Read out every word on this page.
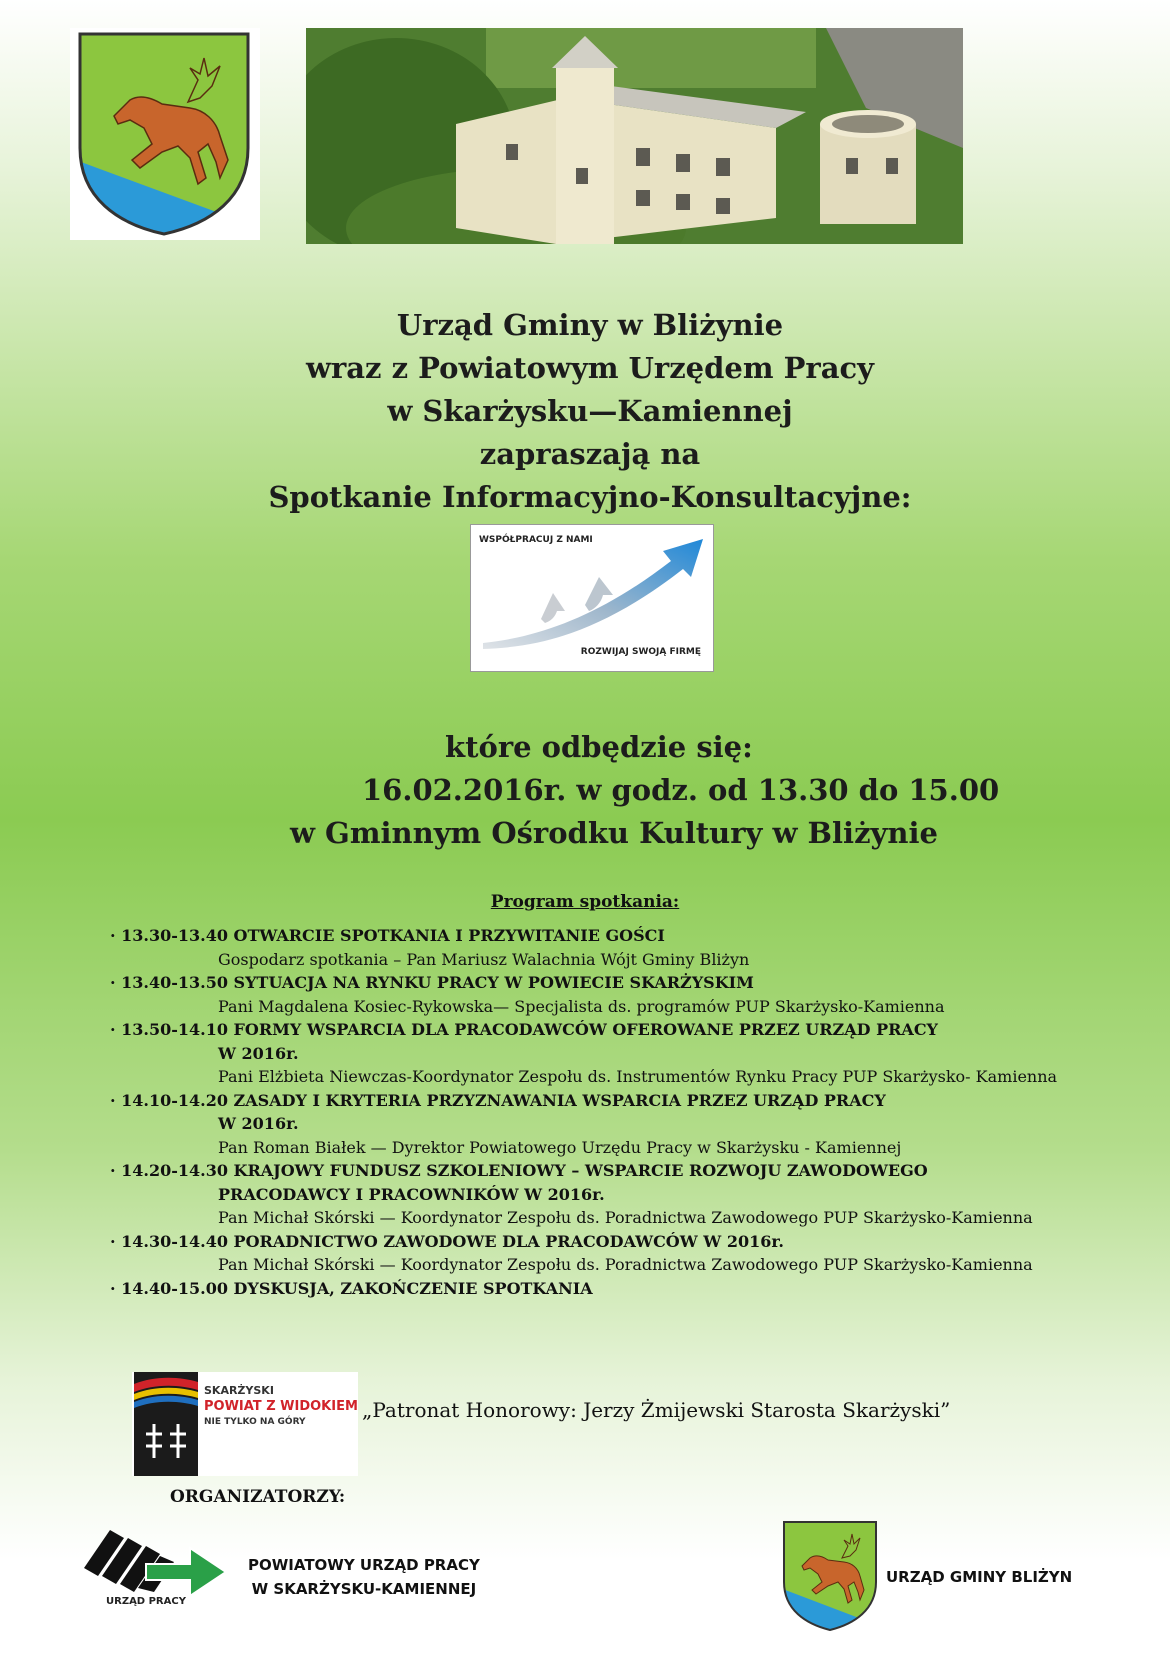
Urząd Gminy w Bliżynie
wraz z Powiatowym Urzędem Pracy
w Skarżysku—Kamiennej
zapraszają na
Spotkanie Informacyjno-Konsultacyjne:
WSPÓŁPRACUJ Z NAMI
ROZWIJAJ SWOJĄ FIRMĘ
które odbędzie się:
16.02.2016r. w godz. od 13.30 do 15.00
w Gminnym Ośrodku Kultury w Bliżynie
Program spotkania:
· 13.30-13.40 OTWARCIE SPOTKANIA I PRZYWITANIE GOŚCI
Gospodarz spotkania – Pan Mariusz Walachnia Wójt Gminy Bliżyn
· 13.40-13.50 SYTUACJA NA RYNKU PRACY W POWIECIE SKARŻYSKIM
Pani Magdalena Kosiec-Rykowska— Specjalista ds. programów PUP Skarżysko-Kamienna
· 13.50-14.10 FORMY WSPARCIA DLA PRACODAWCÓW OFEROWANE PRZEZ URZĄD PRACY
W 2016r.
Pani Elżbieta Niewczas-Koordynator Zespołu ds. Instrumentów Rynku Pracy PUP Skarżysko- Kamienna
· 14.10-14.20 ZASADY I KRYTERIA PRZYZNAWANIA WSPARCIA PRZEZ URZĄD PRACY
W 2016r.
Pan Roman Białek — Dyrektor Powiatowego Urzędu Pracy w Skarżysku - Kamiennej
· 14.20-14.30 KRAJOWY FUNDUSZ SZKOLENIOWY – WSPARCIE ROZWOJU ZAWODOWEGO
PRACODAWCY I PRACOWNIKÓW W 2016r.
Pan Michał Skórski — Koordynator Zespołu ds. Poradnictwa Zawodowego PUP Skarżysko-Kamienna
· 14.30-14.40 PORADNICTWO ZAWODOWE DLA PRACODAWCÓW W 2016r.
Pan Michał Skórski — Koordynator Zespołu ds. Poradnictwa Zawodowego PUP Skarżysko-Kamienna
· 14.40-15.00 DYSKUSJA, ZAKOŃCZENIE SPOTKANIA
SKARŻYSKI
POWIAT Z WIDOKIEM
NIE TYLKO NA GÓRY	„Patronat Honorowy: Jerzy Żmijewski Starosta Skarżyski”
ORGANIZATORZY:
URZĄD PRACY
POWIATOWY URZĄD PRACY
W SKARŻYSKU-KAMIENNEJ
URZĄD GMINY BLIŻYN
